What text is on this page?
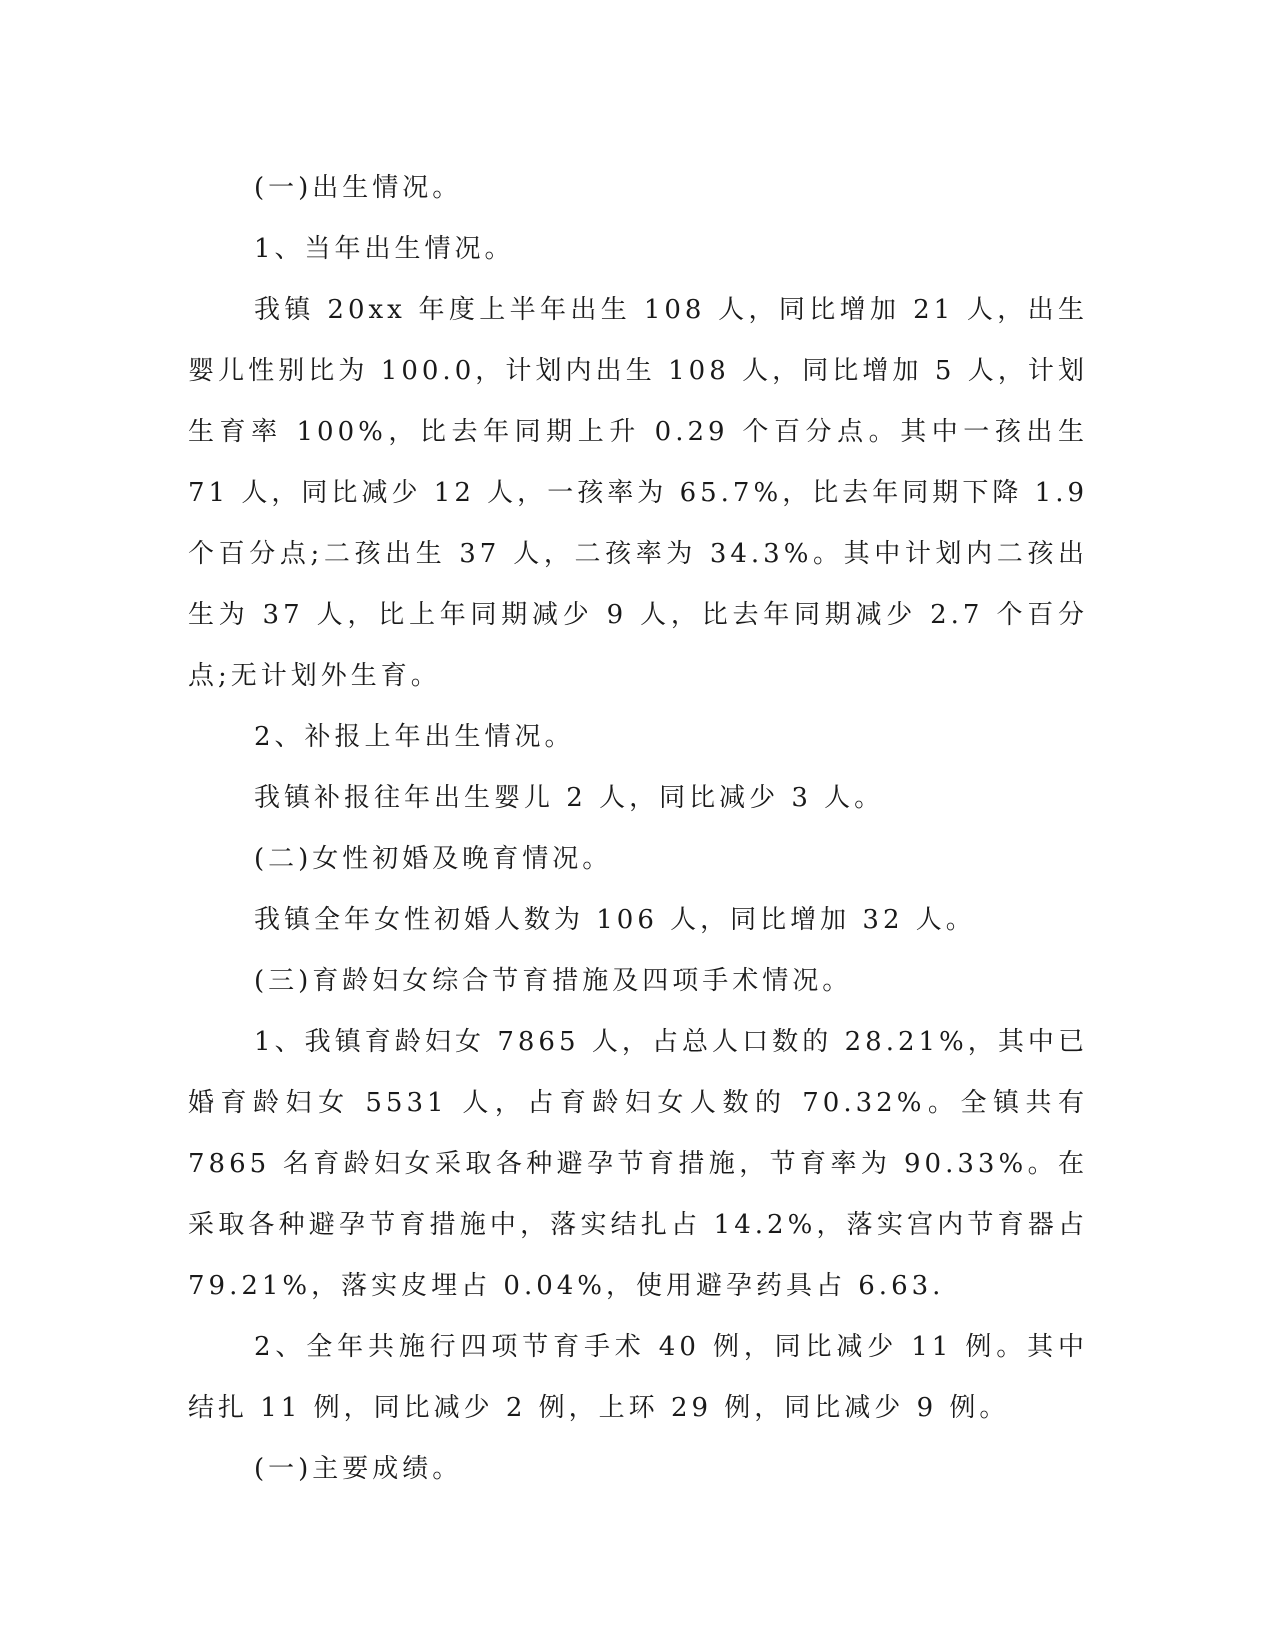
(一)出生情况。

1、当年出生情况。

我镇 20xx 年度上半年出生 108 人，同比增加 21 人，出生婴儿性别比为 100.0，计划内出生 108 人，同比增加 5 人，计划生育率 100%，比去年同期上升 0.29 个百分点。其中一孩出生 71 人，同比减少 12 人，一孩率为 65.7%，比去年同期下降 1.9 个百分点;二孩出生 37 人，二孩率为 34.3%。其中计划内二孩出生为 37 人，比上年同期减少 9 人，比去年同期减少 2.7 个百分点;无计划外生育。

2、补报上年出生情况。

我镇补报往年出生婴儿 2 人，同比减少 3 人。

(二)女性初婚及晚育情况。

我镇全年女性初婚人数为 106 人，同比增加 32 人。

(三)育龄妇女综合节育措施及四项手术情况。

1、我镇育龄妇女 7865 人，占总人口数的 28.21%，其中已婚育龄妇女 5531 人，占育龄妇女人数的 70.32%。全镇共有 7865 名育龄妇女采取各种避孕节育措施，节育率为 90.33%。在采取各种避孕节育措施中，落实结扎占 14.2%，落实宫内节育器占 79.21%，落实皮埋占 0.04%，使用避孕药具占 6.63.

2、全年共施行四项节育手术 40 例，同比减少 11 例。其中结扎 11 例，同比减少 2 例，上环 29 例，同比减少 9 例。

(一)主要成绩。
